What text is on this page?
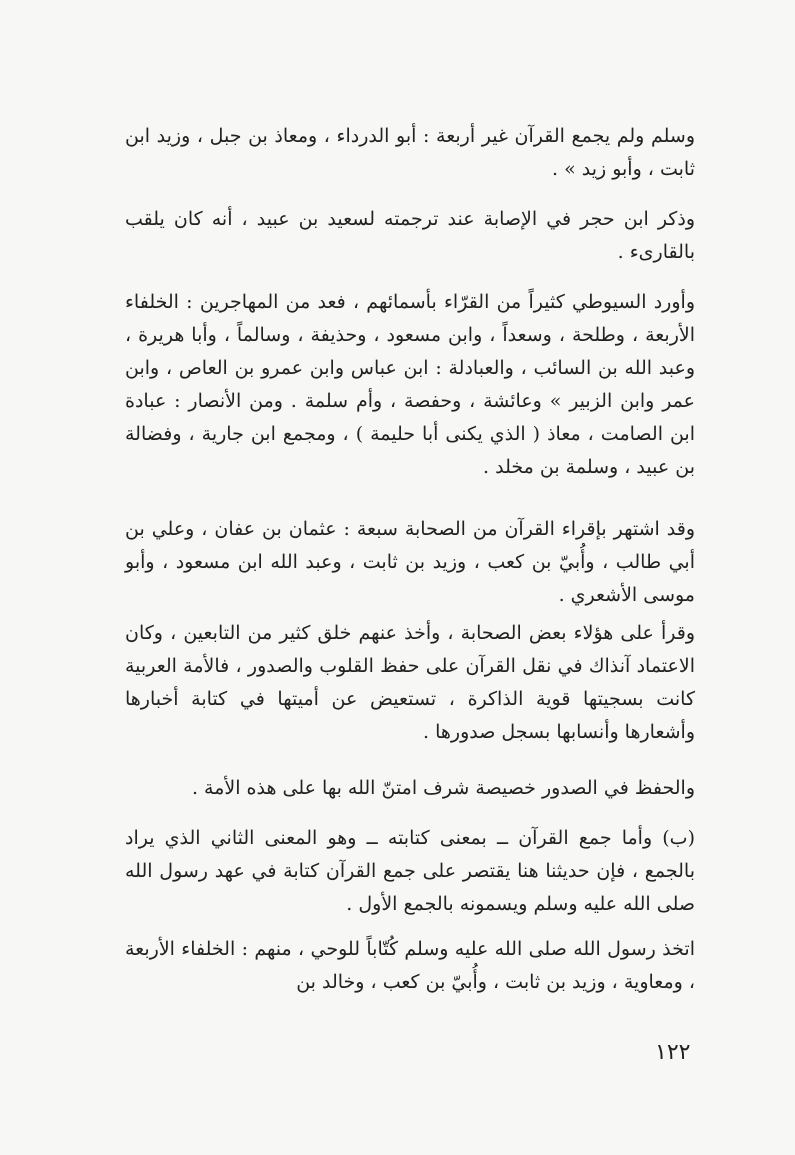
وسلم ولم يجمع القرآن غير أربعة : أبو الدرداء ، ومعاذ بن جبل ، وزيد ابن ثابت ، وأبو زيد » .

وذكر ابن حجر في الإصابة عند ترجمته لسعيد بن عبيد ، أنه كان يلقب بالقارىء .

وأورد السيوطي كثيراً من القرّاء بأسمائهم ، فعد من المهاجرين : الخلفاء الأربعة ، وطلحة ، وسعداً ، وابن مسعود ، وحذيفة ، وسالماً ، وأبا هريرة ، وعبد الله بن السائب ، والعبادلة : ابن عباس وابن عمرو بن العاص ، وابن عمر وابن الزبير » وعائشة ، وحفصة ، وأم سلمة . ومن الأنصار : عبادة ابن الصامت ، معاذ ( الذي يكنى أبا حليمة ) ، ومجمع ابن جارية ، وفضالة بن عبيد ، وسلمة بن مخلد .

وقد اشتهر بإقراء القرآن من الصحابة سبعة : عثمان بن عفان ، وعلي بن أبي طالب ، وأُبيّ بن كعب ، وزيد بن ثابت ، وعبد الله ابن مسعود ، وأبو موسى الأشعري .

وقرأ على هؤلاء بعض الصحابة ، وأخذ عنهم خلق كثير من التابعين ، وكان الاعتماد آنذاك في نقل القرآن على حفظ القلوب والصدور ، فالأمة العربية كانت بسجيتها قوية الذاكرة ، تستعيض عن أميتها في كتابة أخبارها وأشعارها وأنسابها بسجل صدورها .

والحفظ في الصدور خصيصة شرف امتنّ الله بها على هذه الأمة .

(ب) وأما جمع القرآن ــ بمعنى كتابته ــ وهو المعنى الثاني الذي يراد بالجمع ، فإن حديثنا هنا يقتصر على جمع القرآن كتابة في عهد رسول الله صلى الله عليه وسلم ويسمونه بالجمع الأول .

اتخذ رسول الله صلى الله عليه وسلم كُتّاباً للوحي ، منهم : الخلفاء الأربعة ، ومعاوية ، وزيد بن ثابت ، وأُبيّ بن كعب ، وخالد بن

١٢٢
